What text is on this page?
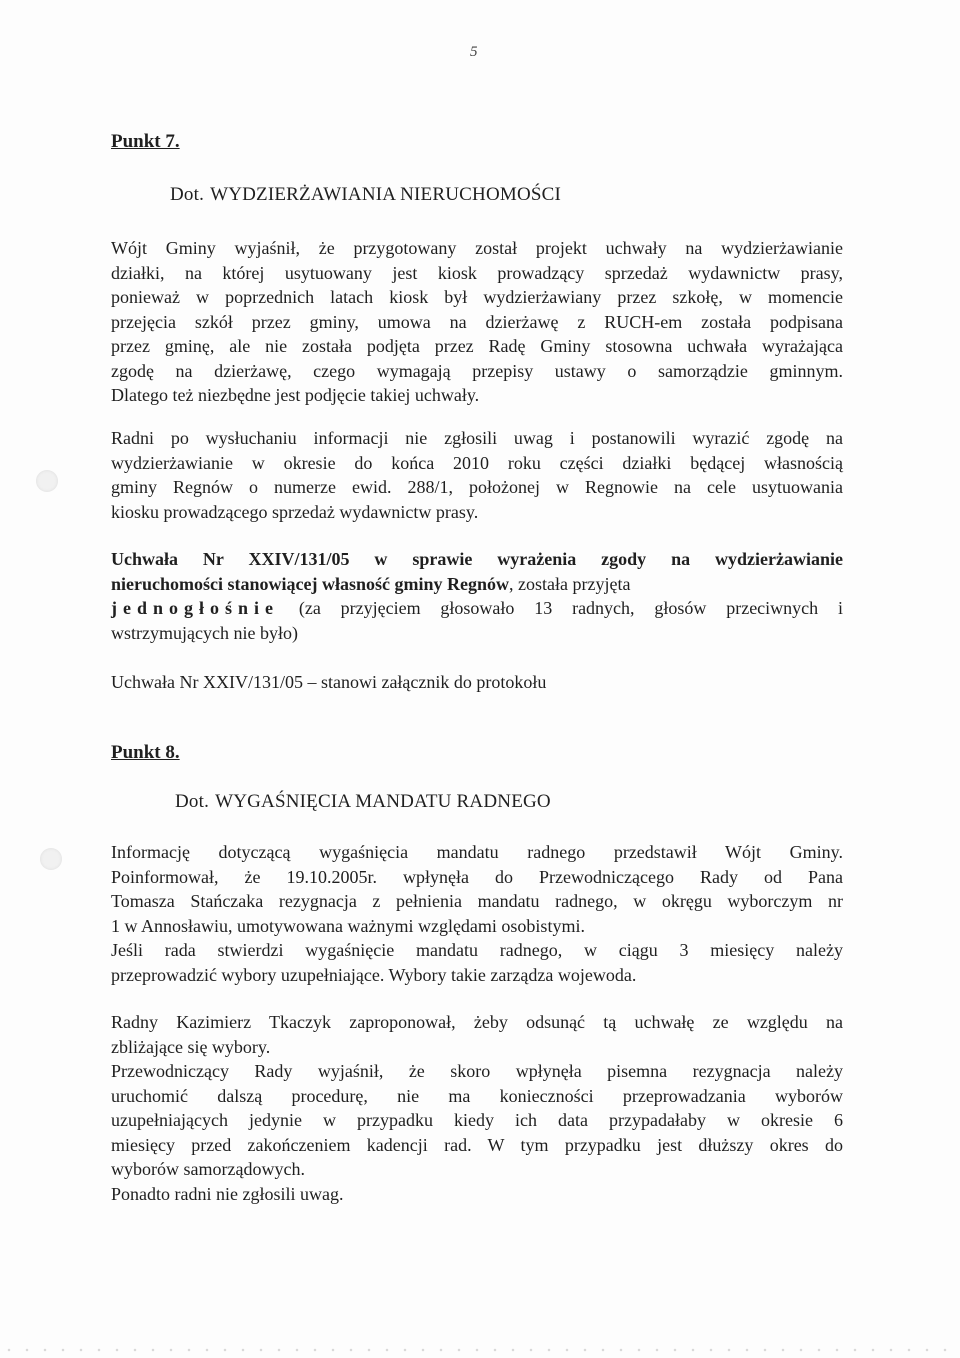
5
Punkt 7.
Dot. WYDZIERŻAWIANIA NIERUCHOMOŚCI
Wójt Gminy wyjaśnił, że przygotowany został projekt uchwały na wydzierżawianie
działki, na której usytuowany jest kiosk prowadzący sprzedaż wydawnictw prasy,
ponieważ w poprzednich latach kiosk był wydzierżawiany przez szkołę, w momencie
przejęcia szkół przez gminy, umowa na dzierżawę z RUCH-em została podpisana
przez gminę, ale nie została podjęta przez Radę Gminy stosowna uchwała wyrażająca
zgodę na dzierżawę, czego wymagają przepisy ustawy o samorządzie gminnym.
Dlatego też niezbędne jest podjęcie takiej uchwały.
Radni po wysłuchaniu informacji nie zgłosili uwag i postanowili wyrazić zgodę na
wydzierżawianie w okresie do końca 2010 roku części działki będącej własnością
gminy Regnów o numerze ewid. 288/1, położonej w Regnowie na cele usytuowania
kiosku prowadzącego sprzedaż wydawnictw prasy.
Uchwała Nr XXIV/131/05 w sprawie wyrażenia zgody na wydzierżawianie
nieruchomości stanowiącej własność gminy Regnów, została przyjęta
jednogłośnie (za przyjęciem głosowało 13 radnych, głosów przeciwnych i
wstrzymujących nie było)
Uchwała Nr XXIV/131/05 – stanowi załącznik do protokołu
Punkt 8.
Dot. WYGAŚNIĘCIA MANDATU RADNEGO
Informację dotyczącą wygaśnięcia mandatu radnego przedstawił Wójt Gminy.
Poinformował, że 19.10.2005r. wpłynęła do Przewodniczącego Rady od Pana
Tomasza Stańczaka rezygnacja z pełnienia mandatu radnego, w okręgu wyborczym nr
1 w Annosławiu, umotywowana ważnymi względami osobistymi.
Jeśli rada stwierdzi wygaśnięcie mandatu radnego, w ciągu 3 miesięcy należy
przeprowadzić wybory uzupełniające. Wybory takie zarządza wojewoda.
Radny Kazimierz Tkaczyk zaproponował, żeby odsunąć tą uchwałę ze względu na
zbliżające się wybory.
Przewodniczący Rady wyjaśnił, że skoro wpłynęła pisemna rezygnacja należy
uruchomić dalszą procedurę, nie ma konieczności przeprowadzania wyborów
uzupełniających jedynie w przypadku kiedy ich data przypadałaby w okresie 6
miesięcy przed zakończeniem kadencji rad. W tym przypadku jest dłuższy okres do
wyborów samorządowych.
Ponadto radni nie zgłosili uwag.
